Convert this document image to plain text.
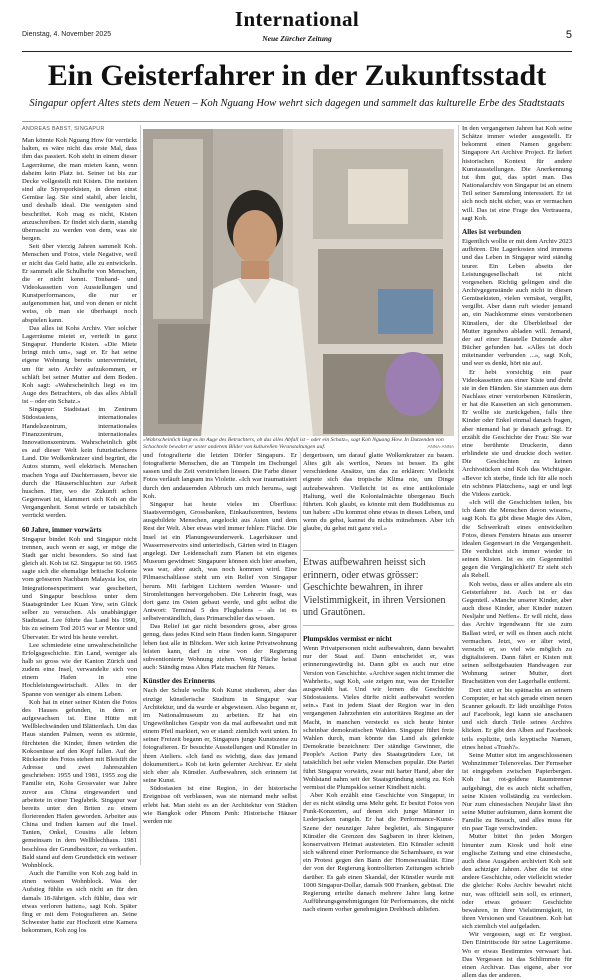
Dienstag, 4. November 2025
International
Neue Zürcher Zeitung	5
Ein Geisterfahrer in der Zukunftsstadt
Singapur opfert Altes stets dem Neuen – Koh Nguang How wehrt sich dagegen und sammelt das kulturelle Erbe des Stadtstaats
ANDREAS BABST, SINGAPUR

Man könnte Koh Nguang How für verrückt halten, es wäre nicht das erste Mal, dass ihm das passiert. Koh steht in einem dieser Lagerräume, die man mieten kann, wenn daheim kein Platz ist. Seiner ist bis zur Decke vollgestellt mit Kisten. Die meisten sind alte Styroporkisten, in denen einst Gemüse lag. Sie sind stabil, aber leicht, und deshalb ideal. Die wenigsten sind beschriftet. Koh mag es nicht, Kisten anzuschreiben. Er findet sich darin, standig überrascht zu werden von dem, was sie bergen.

Seit über vierzig Jahren sammelt Koh. Menschen und Fotos, viele Negative, weil er nicht das Geld hatte, alle zu entwickeln. Er sammelt alle Schulhefte von Menschen, die er nicht kennt. Tonband- und Videokassetten von Ausstellungen und Kunstperformances, die nur er aufgenommen hat, und von denen er nicht weiss, ob man sie überhaupt noch abspielen kann.

Das alles ist Kohs Archiv. Vier solcher Lagerräume mietet er, verteilt in ganz Singapur. Hunderte Kisten. «Die Miete bringt mich um», sagt er. Er hat seine eigene Wohnung bereits untervermietet, um für sein Archiv aufzukommen, er schläft bei seiner Mutter auf dem Boden. Koh sagt: «Wahrscheinlich liegt es im Auge des Betrachters, ob das alles Abfall ist – oder ein Schatz.»

Singapur: Stadtstaat im Zentrum Südostasiens, internationales Handelszentrum, internationales Finanzzentrum, internationales Innovationszentrum. Wahrscheinlich gibt es auf dieser Welt kein futuristischeres Land. Die Wolkenkratzer sind begrünt, die Autos stumm, weil elektrisch. Menschen machen Yoga auf Dachterrassen, bevor sie durch die Häuserschluchten zur Arbeit huschen. Hier, wo die Zukunft schon Gegenwart ist, klammert sich Koh an die Vergangenheit. Sonst würde er tatsächlich verrückt werden.

60 Jahre, immer vorwärts

Singapur bindet Koh und Singapur nicht trennen, auch wenn er sagt, er möge die Stadt gar nicht besonders. So sind fast gleich alt. Koh ist 62. Singapur ist 60. 1965 sagte sich die ehemalige britische Kolonie vom grösseren Nachbarn Malaysia los, ein Integrationsexperiment war gescheitert, und Singapur beschloss unter dem Staatsgründer Lee Kuan Yew, sein Glück selber zu versuchen. Als unabhängiger Stadtstaat. Lee führte das Land bis 1990, bis zu seinem Tod 2015 war er Mentor und Übervater. Er wird bis heute verehrt.

Lee schmiedete eine unwahrscheinliche Erfolgsgeschichte. Ein Land, weniger als halb so gross wie der Kanton Zürich und zudem eine Insel, verwandelte sich von einem Hafen in eine Hochleistungswirtschaft. Alles in der Spanne von weniger als einem Leben.

Koh hat in einer seiner Kisten die Fotos des Hauses gefunden, in dem er aufgewachsen ist. Eine Hütte mit Wellblechwänden und Blätterdach. Um das Haus standen Palmen, wenn es stürmte, fürchteten die Kinder, ihnen würden die Kokosnüsse auf den Kopf fallen. Auf der Rückseite des Fotos stehen mit Bleistift die Adresse und zwei Jahreszahlen geschrieben: 1955 und 1981, 1955 zog die Familie ein, Kohs Grossvater war Jahre zuvor aus China eingewandert und arbeitete in einer Tiegfabrik. Singapur war bereits unter den Briten zu einem florierenden Hafen geworden. Arbeiter aus China und Indien kamen auf die Insel. Tanten, Onkel, Cousins alle lebten gemeinsam in dem Wellblechhaus. 1981 beschloss der Grundbesitzer, zu verkaufen. Bald stand auf dem Grundstück ein weisser Wohnblock.

Auch die Familie von Koh zog bald in einen weissen Wohnblock. Was der Aufstieg fühlte es sich nicht an für den damals 18-Jährigen. «Ich fühlte, dass wir etwas verloren hatten», sagt Koh. Später fing er mit dem Fotografieren an. Seine Schwester hatte zur Hochzeit eine Kamera bekommen, Koh zog los

«Wahrscheinlich liegt es im Auge des Betrachters, ob das alles Abfall ist – oder ein Schatz», sagt Koh Nguang How. In Dutzenden von Schachteln bewahrt er unter anderem Bilder von kulturellen Veranstaltungen auf.	ANNA-ANNA

und fotografierte die letzten Dörfer Singapurs. Er fotografierte Menschen, die an Tümpeln im Dschungel sassen und die Zeit verstreichen liessen. Die Farbe dieser Fotos verläuft langsam ins Violette. «Ich war traumatisiert durch den andauernden Abbruch um mich herum», sagt Koh.

Singapur hat heute vieles im Überfluss: Staatsvermögen, Grossbanken, Einkaufszentren, bestens ausgebildete Menschen, angelockt aus Asien und dem Rest der Welt. Aber etwas wird immer fehlen: Fläche. Die Insel ist ein Planungswunderwerk. Lagerhäuser und Wasserreservoirs sind unterirdisch, Gärten wird in Etagen angelegt. Der Leidenschaft zum Planen ist ein eigenes Museum gewidmet: Singapurer können sich hier ansehen, was war, aber auch, was noch kommen wird. Eine Pilmaeschaltlasse steht um ein Relief von Singapur herum. Mit farbigen Lichtern werden Wasser- und Stromleitungen hervorgehoben. Die Lehrerin fragt, was dort ganz im Osten gebaut werde, und gibt selbst die Antwort: Terminal 5 des Flughafens – als ist es selbstverständlich, dass Primarschüler das wissen.

Das Relief ist gar nicht besonders gross, aber gross genug, dass jedes Kind sein Haus finden kann. Singapurer leben fast alle in Blöcken. Wer sich keine Privatwohnung leisten kann, darf in eine von der Regierung subventionierte Wohnung ziehen. Wenig Fläche heisst auch: Ständig muss Altes Platz machen für Neues.

Künstler des Erinnerns

Nach der Schule wollte Koh Kunst studieren, aber das einzige künstlerische Studium in Singapur war Architektur, und da wurde er abgewiesen. Also begann er, im Nationalmuseum zu arbeiten. Er hat ein Ungewöhnliches Gespür von da mal aufbewahrt und mit einem Pfeil markiert, wo er stand: ziemlich weit unten. In seiner Freizeit begann er, Singapurs junge Kunstszene zu fotografieren. Er besuchte Ausstellungen und Künstler in ihren Ateliers. «Ich fand es wichtig, dass das jemand dokumentiert.» Koh ist kein gelernter Archivar. Er sieht sich eher als Künstler. Aufbewahren, sich erinnern ist seine Kunst.

Südostasien ist eine Region, in der historische Ereignisse oft verblassen, was sie niemand mehr selbst erlebt hat. Man sieht es an der Architektur von Städten wie Bangkok oder Phnom Penh: Historische Häuser werden nie

dergerissen, um darauf glatte Wolkenkratzer zu bauen. Altes gilt als wertlos, Neues ist besser. Es gibt verschiedene Ansätze, um das zu erklären: Vielleicht eignete sich das tropische Klima nie, um Dinge aufzubewahren. Vielleicht ist es eine antikoloniale Haltung, weil die Kolonialmächte übergenau Buch führten. Koh glaubt, es könnte mit dem Buddhismus zu tun haben: «Du kommst ohne etwas in dieses Leben, und wenn du gehst, kannst du nichts mitnehmen. Aber ich glaube, du gehst mit ganz viel.»

Etwas aufbewahren heisst sich erinnern, oder etwas grösser: Geschichte bewahren, in ihrer Vielstimmigkeit, in ihren Versionen und Grautönen.
Plumpsklos vermisst er nicht

Wenn Privatpersonen nicht aufbewahren, dann bewahrt nur der Staat auf. Dann entscheidet er, was erinnerungswürdig ist. Dann gibt es auch nur eine Version von Geschichte. «Archive sagen nicht immer die Wahrheit», sagt Koh, «sie zeigen nur, was der Ersteller ausgewählt hat. Und wir lernen die Geschichte Südostasiens. Vieles dürfte nicht aufbewahrt worden sein.» Fast in jedem Staat der Region war in den vergangenen Jahrzehnten ein autoritäres Regime an der Macht, in manchen versteckt es sich heute hinter scheinbar demokratischen Wahlen. Singapur führt freie Wahlen durch, man könnte das Land als gelenkte Demokratie bezeichnen: Der ständige Gewinner, die People's Action Party des Staatsgründers Lee, ist tatsächlich bei sehr vielen Menschen populär. Die Partei führt Singapur vorwärts, zwar mit harter Hand, aber der Wohlstand nahm seit der Staatsgründung stetig zu. Koh vermisst die Plumpsklos seiner Kindheit nicht.

Aber Koh erzählt eine Geschichte von Singapur, in der es nicht ständig ums Mehr geht. Er besitzt Fotos von Punk-Konzerten, auf denen sich junge Männer in Lederjacken rangeln. Er hat die Performance-Kunst-Szene der neunziger Jahre begleitet, als Singapurer Künstler die Grenzen des Sagbaren in ihrer kleinen, konservativen Heimat austesteten. Ein Künstler schnitt sich während einer Performance die Schamhaare, es war ein Protest gegen den Bann der Homosexualität. Eine der von der Regierung kontrollierten Zeitungen schrieb darüber. Es gab einen Skandal, der Künstler wurde mit 1000 Singapur-Dollar, damals 900 Franken, gebüsst. Die Regierung erteilte danach mehrere Jahre lang keine Aufführungsgenehmigungen für Performances, die nicht nach einem vorher genehmigten Drehbuch abliefen.

In den vergangenen Jahren hat Koh seine Schätze immer wieder ausgestellt. Er bekommt einen Namen gegeben: Singapore Art Archive Project. Er liefert historischen Kontext für andere Kunstausstellungen. Die Anerkennung tut ihm gut, das spürt man. Das Nationalarchiv von Singapur ist an einem Teil seiner Sammlung interessiert. Er ist sich noch nicht sicher, was er vermachen will. Das ist eine Frage des Vertrauens, sagt Koh.

Alles ist verbunden

Eigentlich wollte er mit dem Archiv 2023 aufhören. Die Lagerkosten sind immens und das Leben in Singapur wird ständig teurer. Ein Leben abseits der Leistungsgesellschaft ist nicht vorgesehen. Richtig gelingen sind die Archivgegenstände auch nicht in diesen Gemüsekisten, vielen vernässt, vergilbt, vergilbt. Aber dann ruft wieder jemand an, ein Nachkomme eines verstorbenen Künstlers, der die Überbleibsel der Mutter irgendwo abladen will. Jemand, der auf einer Baustelle Dutzende alter Bücher gefunden hat. «Alles ist doch miteinander verbunden ...», sagt Koh, und wer es denkt, hört nie auf.

Er hebt vorsichtig ein paar Videokassetten aus einer Kiste und dreht sie in den Händen. Sie stammen aus dem Nachlass einer verstorbenen Künstlerin, er hat die Kassetten an sich genommen. Er wollte sie zurückgeben, falls ihre Kinder oder Enkel einmal danach fragen, aber niemand hat je danach gefragt. Er erzählt die Geschichte der Frau: Sie war eine berühmte Druckerin, dann erblindete sie und druckte doch weiter. Die Geschichten zu keinen Archivstücken sind Koh das Wichtigste. «Bevor ich sterbe, finde ich für alle noch ein schönes Plätzchen», sagt er und legt die Videos zurück.

«Ich will die Geschichten teilen, bis ich dann die Menschen davon wissen», sagt Koh. Es gibt diese Magie des Alten, die Schwerkraft eines entwickelten Fotos, dieses Fensters hinaus aus unserer idealen Gegenwart in die Vergangenheit. Die verdichtet sich immer wieder in seinen Kisten. Ist es ein Gegenmittel gegen die Vergänglichkeit? Er sieht sich als Rebell.

Koh weiss, dass er alles andere als ein Geisterfahrer ist. Auch ist er das Gegenteil. «Manche unserer Kinder, aber auch diese Kinder, aber Kinder nutzen Nesljahr und Neffen». Er will nicht, dass das Archiv irgendwann für sie zum Ballast wird, er will es ihnen auch nicht vermachen. Jetzt, wo er älter wird, versucht er, so viel wie möglich zu digitalisieren. Dann fährt er Kisten mit seinen selbstgebauten Handwagen zur Wohnung seiner Mutter, dort Brachstätten von der Lagerhalle entfernt.

Dort sitzt er bis spätnachts an seinem Computer, er hat sich gerade einen neuen Scanner gekauft. Er lädt unzählige Fotos auf Facebook, legt kann sie anschauen und sich durch Teile seines Archivs klicken. Er gibt den Alben auf Facebook teils explizite, teils kryptische Namen, eines heisst «Trash?».

Seine Mutter sitzt im angeschlossenen Wohnzimmer Telenovelas. Der Fernseher ist eingegeben zwischen Papierbergen. Koh hat rot-goldene Raumtrenner aufgehängt, die es auch nicht schaffen, seine Kisten vollständig zu verdecken. Nur zum chinesischen Neujahr lässt ihn seine Mutter aufräumen, dann kommt die Familie zu Besuch, und alles muss für ein paar Tage verschwinden.

Mutter bittet ihn jeden Morgen hinunter zum Kiosk und holt eine englische Zeitung und eine chinesische, auch diese Ausgaben archiviert Koh seit den achtziger Jahren. Aber die ist eine andere Geschichte, oder vielleicht wieder die gleiche: Kohs Archiv bewahrt nicht nur, was offiziell sein soll, es erinnert, oder etwas grösser: Geschichte bewahren, in ihrer Vielstimmigkeit, in ihren Versionen und Grautönen. Koh hat sich ziemlich viel aufgeladen.

Wir vergessen, sagt er. Er vergisst. Den Eintrittscode für seine Lagerräume. Wo er etwas Bestimmtes verwaart hat. Das Vergessen ist das Schlimmste für einen Archivar. Das eigene, aber vor allem das der anderen.
